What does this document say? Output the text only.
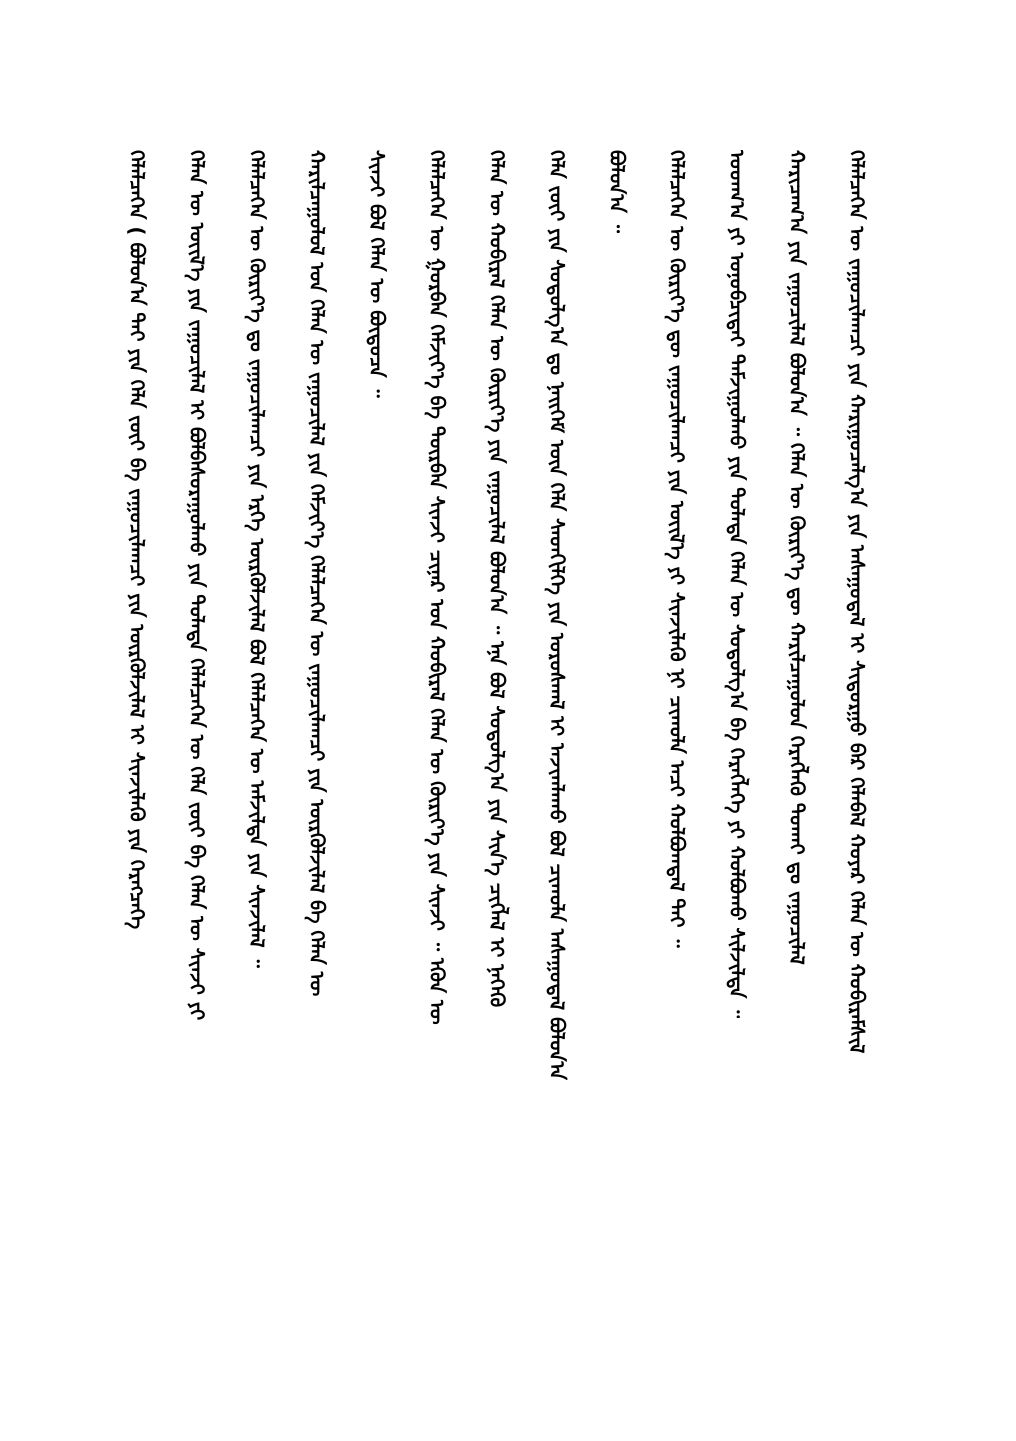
ᠬᠡᠯᠡᠯᠴᠡᠭᠡᠨ ᠦ ᠵᠠᠭᠤᠴᠢᠯᠠᠭᠴᠢ ᠶᠢᠨ ᠬᠠᠷᠢᠭᠤᠴᠠᠯᠭ᠎ᠠ ᠶᠢᠨ ᠠᠰᠠᠭᠤᠳᠠᠯ ᠢ ᠰᠢᠳᠤᠷᠭᠤ ᠪᠡᠷ ᠬᠡᠯᠡᠪᠡᠯ ᠬᠣᠶᠠᠷ ᠬᠡᠯᠡᠨ ᠦ ᠬᠤᠪᠢᠷᠠᠮᠰᠢᠯ
ᠬᠠᠷᠢᠴᠠᠭ᠎ᠠ ᠶᠢᠨ ᠵᠠᠭᠤᠴᠢᠯᠠᠯ ᠪᠣᠯᠤᠨ᠎ᠠ ᠃ ᠬᠡᠯᠡᠨ ᠦ ᠬᠦᠷᠢᠶ᠎ᠡ ᠳᠦ ᠬᠠᠷᠢᠯᠴᠠᠭᠤᠯᠤᠨ ᠬᠡᠷᠡᠭᠯᠡᠬᠦ ᠲᠤᠬᠠᠶ ᠳᠤ ᠵᠠᠭᠤᠴᠢᠯᠠᠯ
ᠤᠳᠬ᠎ᠠ ᠶᠢ ᠣᠨᠣᠪᠴᠢᠲᠠᠢ ᠳᠠᠮᠵᠢᠭᠤᠯᠬᠤ ᠶᠢᠨ ᠲᠤᠯᠠᠳᠠ ᠬᠡᠯᠡᠨ ᠦ ᠰᠤᠳᠤᠯᠭ᠎ᠠ ᠪᠠ ᠬᠡᠷᠡᠭᠯᠡᠭᠡ ᠶᠢ ᠬᠣᠯᠪᠣᠬᠤ ᠰᠢᠯᠵᠢᠯᠲᠡ ᠃
ᠬᠡᠯᠡᠯᠴᠡᠭᠡᠨ ᠦ ᠬᠦᠷᠢᠶ᠎ᠡ ᠳᠦ ᠵᠠᠭᠤᠴᠢᠯᠠᠭᠴᠢ ᠶᠢᠨ ᠦᠢᠯ᠎ᠡ ᠶᠢ ᠰᠢᠨᠵᠢᠯᠡᠬᠦ ᠨᠢ ᠴᠢᠬᠤᠯᠠ ᠠᠴᠢ ᠬᠣᠯᠪᠣᠭᠳᠠᠯ ᠲᠠᠢ ᠃
ᠪᠣᠯᠤᠨ᠎ᠠ ᠃
ᠬᠡᠯᠡ ᠵᠦᠢ ᠶᠢᠨ ᠰᠤᠳᠤᠯᠭ᠎ᠠ ᠳᠤ ᠨᠡᠢᠭᠡᠮ ᠦᠨ ᠬᠡᠯᠡ ᠰᠡᠳᠬᠢᠯᠭᠡ ᠶᠢᠨ ᠤᠷᠤᠰᠬᠠᠯ ᠢ ᠠᠵᠢᠭᠯᠠᠬᠤ ᠪᠣᠯ ᠴᠢᠬᠤᠯᠠ ᠠᠰᠠᠭᠤᠳᠠᠯ ᠪᠣᠯᠤᠨ᠎ᠠ
ᠬᠡᠯᠡᠨ ᠦ ᠬᠤᠪᠢᠷᠠᠯ ᠬᠡᠯᠡᠨ ᠦ ᠬᠦᠷᠢᠶ᠎ᠡ ᠶᠢᠨ ᠵᠠᠭᠤᠴᠢᠯᠠᠯ ᠪᠣᠯᠤᠨ᠎ᠠ ᠃ ᠡᠨᠡ ᠪᠣᠯ ᠰᠤᠳᠤᠯᠭ᠎ᠠ ᠶᠢᠨ ᠰᠢᠨ᠎ᠡ ᠴᠢᠭᠯᠡᠯ ᠢ ᠨᠡᠬᠡᠬᠦ
ᠬᠡᠯᠡᠯᠴᠡᠭᠡᠨ ᠦ ᠭᠤᠷᠪᠠᠨ ᠬᠡᠮᠵᠢᠶ᠎ᠡ ᠪᠠ ᠳᠥᠷᠪᠡᠨ ᠰᠢᠨᠵᠢ ᠴᠢᠨᠠᠷ ᠤᠨ ᠬᠤᠪᠢᠷᠠᠯ ᠬᠡᠯᠡᠨ ᠦ ᠬᠦᠷᠢᠶ᠎ᠡ ᠶᠢᠨ ᠰᠢᠨᠵᠢ ᠃ ᠡᠭᠦᠨ ᠦ
ᠰᠢᠨᠵᠢ ᠪᠣᠯ ᠬᠡᠯᠡᠨ ᠦ ᠪᠦᠲᠦᠴᠡ ᠃
ᠬᠠᠷᠢᠯᠴᠠᠭᠤᠯᠤᠯ ᠤᠨ ᠬᠡᠯᠡᠨ ᠦ ᠵᠠᠭᠤᠴᠢᠯᠠᠯ ᠶᠢᠨ ᠬᠡᠮᠵᠢᠶ᠎ᠡ ᠬᠡᠯᠡᠯᠴᠡᠭᠡᠨ ᠦ ᠵᠠᠭᠤᠴᠢᠯᠠᠭᠴᠢ ᠶᠢᠨ ᠦᠷᠭᠦᠯᠵᠢᠯᠡᠯ ᠪᠠ ᠬᠡᠯᠡᠨ ᠦ
ᠬᠡᠯᠡᠯᠴᠡᠭᠡᠨ ᠦ ᠬᠦᠷᠢᠶ᠎ᠡ ᠳᠤ ᠵᠠᠭᠤᠴᠢᠯᠠᠭᠴᠢ ᠶᠢᠨ ᠡᠷᠬᠡ ᠦᠷᠭᠦᠯᠵᠢᠯᠡᠯ ᠪᠣᠯ ᠬᠡᠯᠡᠯᠴᠡᠭᠡᠨ ᠦ ᠠᠮᠵᠢᠯᠲᠠ ᠶᠢᠨ ᠰᠢᠨᠵᠢᠯᠡᠯ ᠃
ᠬᠡᠯᠡᠨ ᠦ ᠦᠢᠯ᠎ᠡ ᠶᠢᠨ ᠵᠠᠭᠤᠴᠢᠯᠠᠯ ᠢ ᠪᠣᠯᠪᠠᠰᠤᠷᠠᠭᠤᠯᠬᠤ ᠶᠢᠨ ᠲᠤᠯᠠᠳᠠ ᠬᠡᠯᠡᠯᠴᠡᠭᠡᠨ ᠦ ᠬᠡᠯᠡ ᠵᠦᠢ ᠪᠠ ᠬᠡᠯᠡᠨ ᠦ ᠰᠢᠨᠵᠢ ᠶᠢ
ᠬᠡᠯᠡᠯᠴᠡᠭᠡᠨ ( ᠪᠣᠯᠤᠨ᠎ᠠ ᠲᠠᠢ ᠶᠢᠨ ᠬᠡᠯᠡ ᠵᠦᠢ ᠪᠠ ᠵᠠᠭᠤᠴᠢᠯᠠᠭᠴᠢ ᠶᠢᠨ ᠦᠷᠭᠦᠯᠵᠢᠯᠡᠯ ᠢ ᠰᠢᠨᠵᠢᠯᠡᠬᠦ ᠶᠢᠨ ᠬᠡᠷᠡᠭᠴᠡᠭᠡ
